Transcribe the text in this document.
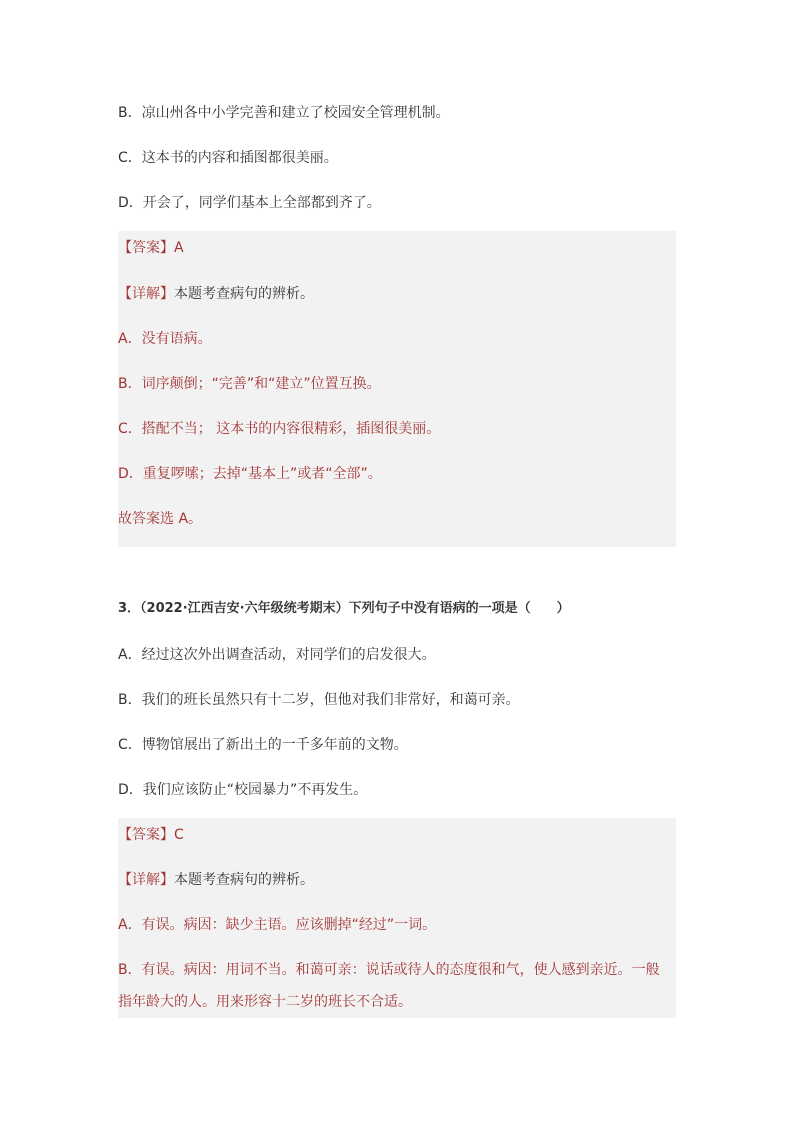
B．凉山州各中小学完善和建立了校园安全管理机制。
C．这本书的内容和插图都很美丽。
D．开会了，同学们基本上全部都到齐了。
【答案】A
【详解】本题考查病句的辨析。
A．没有语病。
B．词序颠倒；“完善”和“建立”位置互换。
C．搭配不当； 这本书的内容很精彩，插图很美丽。
D．重复啰嗦；去掉“基本上”或者“全部”。
故答案选 A。
3．（2022·江西吉安·六年级统考期末）下列句子中没有语病的一项是（　　）
A．经过这次外出调查活动，对同学们的启发很大。
B．我们的班长虽然只有十二岁，但他对我们非常好，和蔼可亲。
C．博物馆展出了新出土的一千多年前的文物。
D．我们应该防止“校园暴力”不再发生。
【答案】C
【详解】本题考查病句的辨析。
A．有误。病因：缺少主语。应该删掉“经过”一词。
B．有误。病因：用词不当。和蔼可亲：说话或待人的态度很和气，使人感到亲近。一般指年龄大的人。用来形容十二岁的班长不合适。
